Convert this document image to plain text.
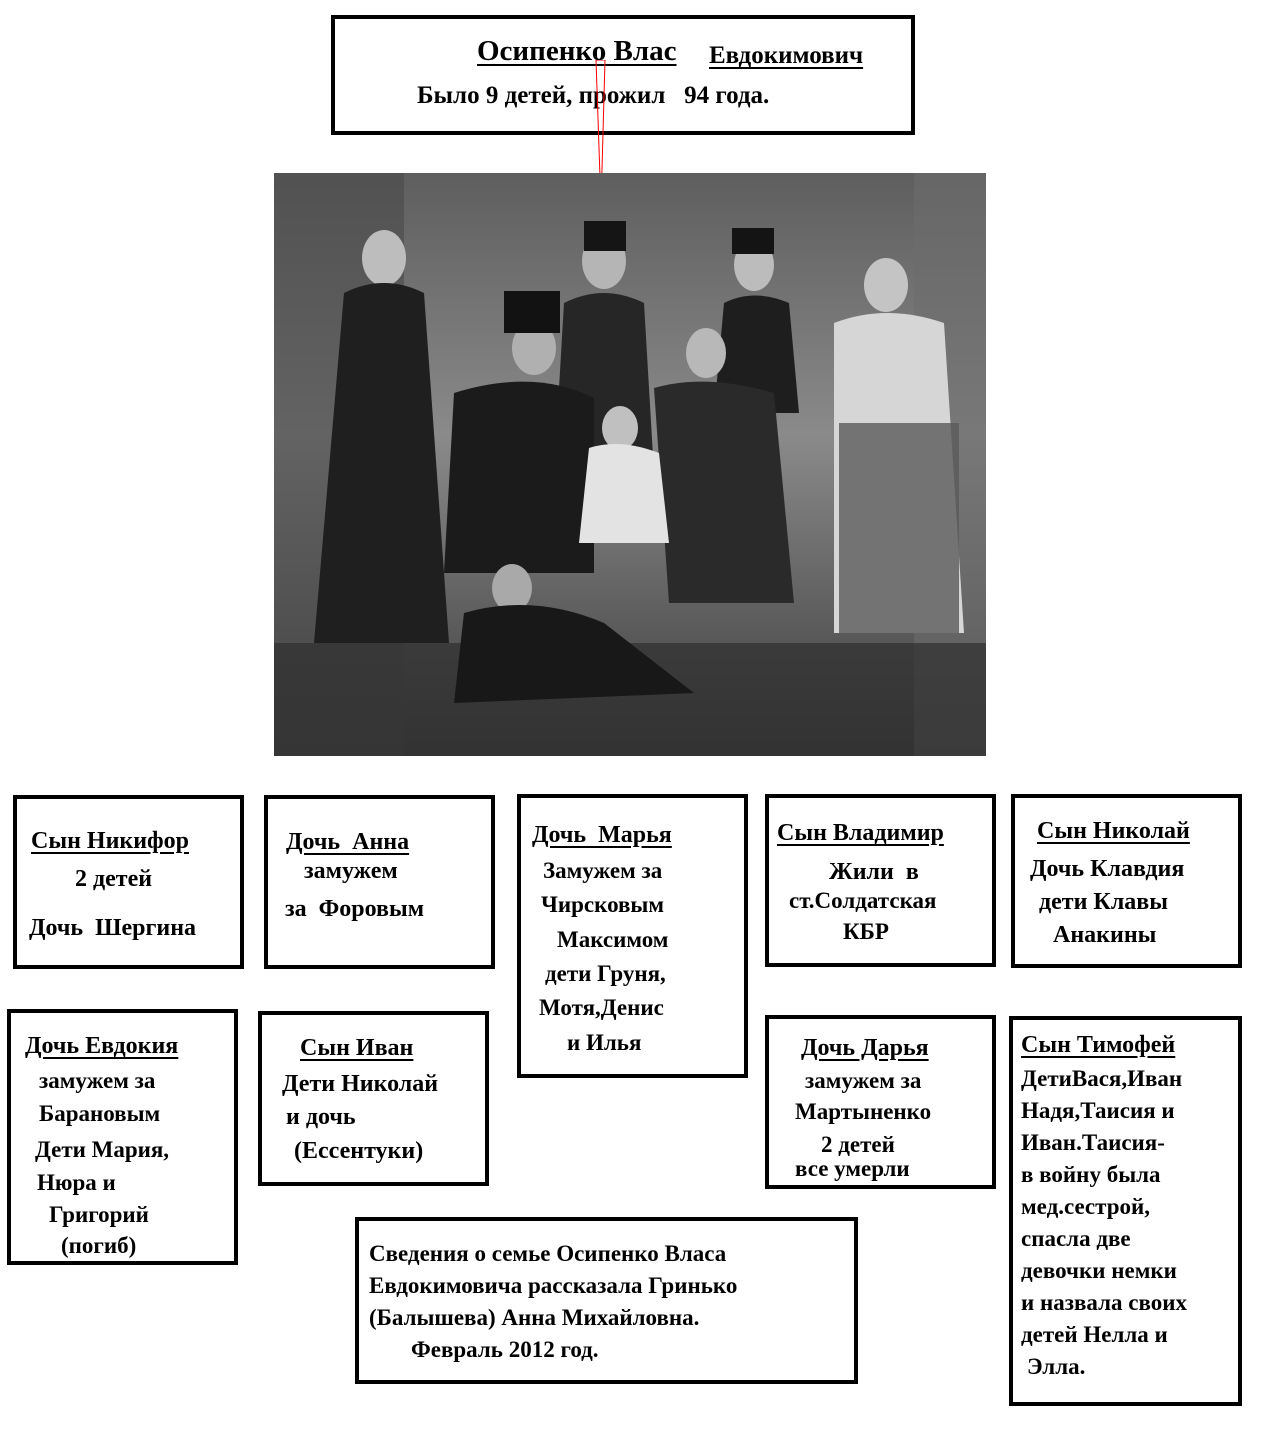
Осипенко Влас Евдокимович
Было 9 детей, прожил   94 года.
Сын Никифор
2 детей
Дочь  Шергина
Дочь  Анна
замужем
за  Форовым
Дочь  Марья
Замужем за
Чирсковым
Максимом
дети Груня,
Мотя,Денис
и Илья
Сын Владимир
Жили  в
ст.Солдатская
КБР
Сын Николай
Дочь Клавдия
дети Клавы
Анакины
Дочь Евдокия
замужем за
Барановым
Дети Мария,
Нюра и
Григорий
(погиб)
Сын Иван
Дети Николай
и дочь
(Ессентуки)
Дочь Дарья
замужем за
Мартыненко
2 детей
все умерли
Сын Тимофей
ДетиВася,Иван
Надя,Таисия и
Иван.Таисия-
в войну была
мед.сестрой,
спасла две
девочки немки
и назвала своих
детей Нелла и
Элла.
Сведения о семье Осипенко Власа
Евдокимовича рассказала Гринько
(Балышева) Анна Михайловна.
Февраль 2012 год.
